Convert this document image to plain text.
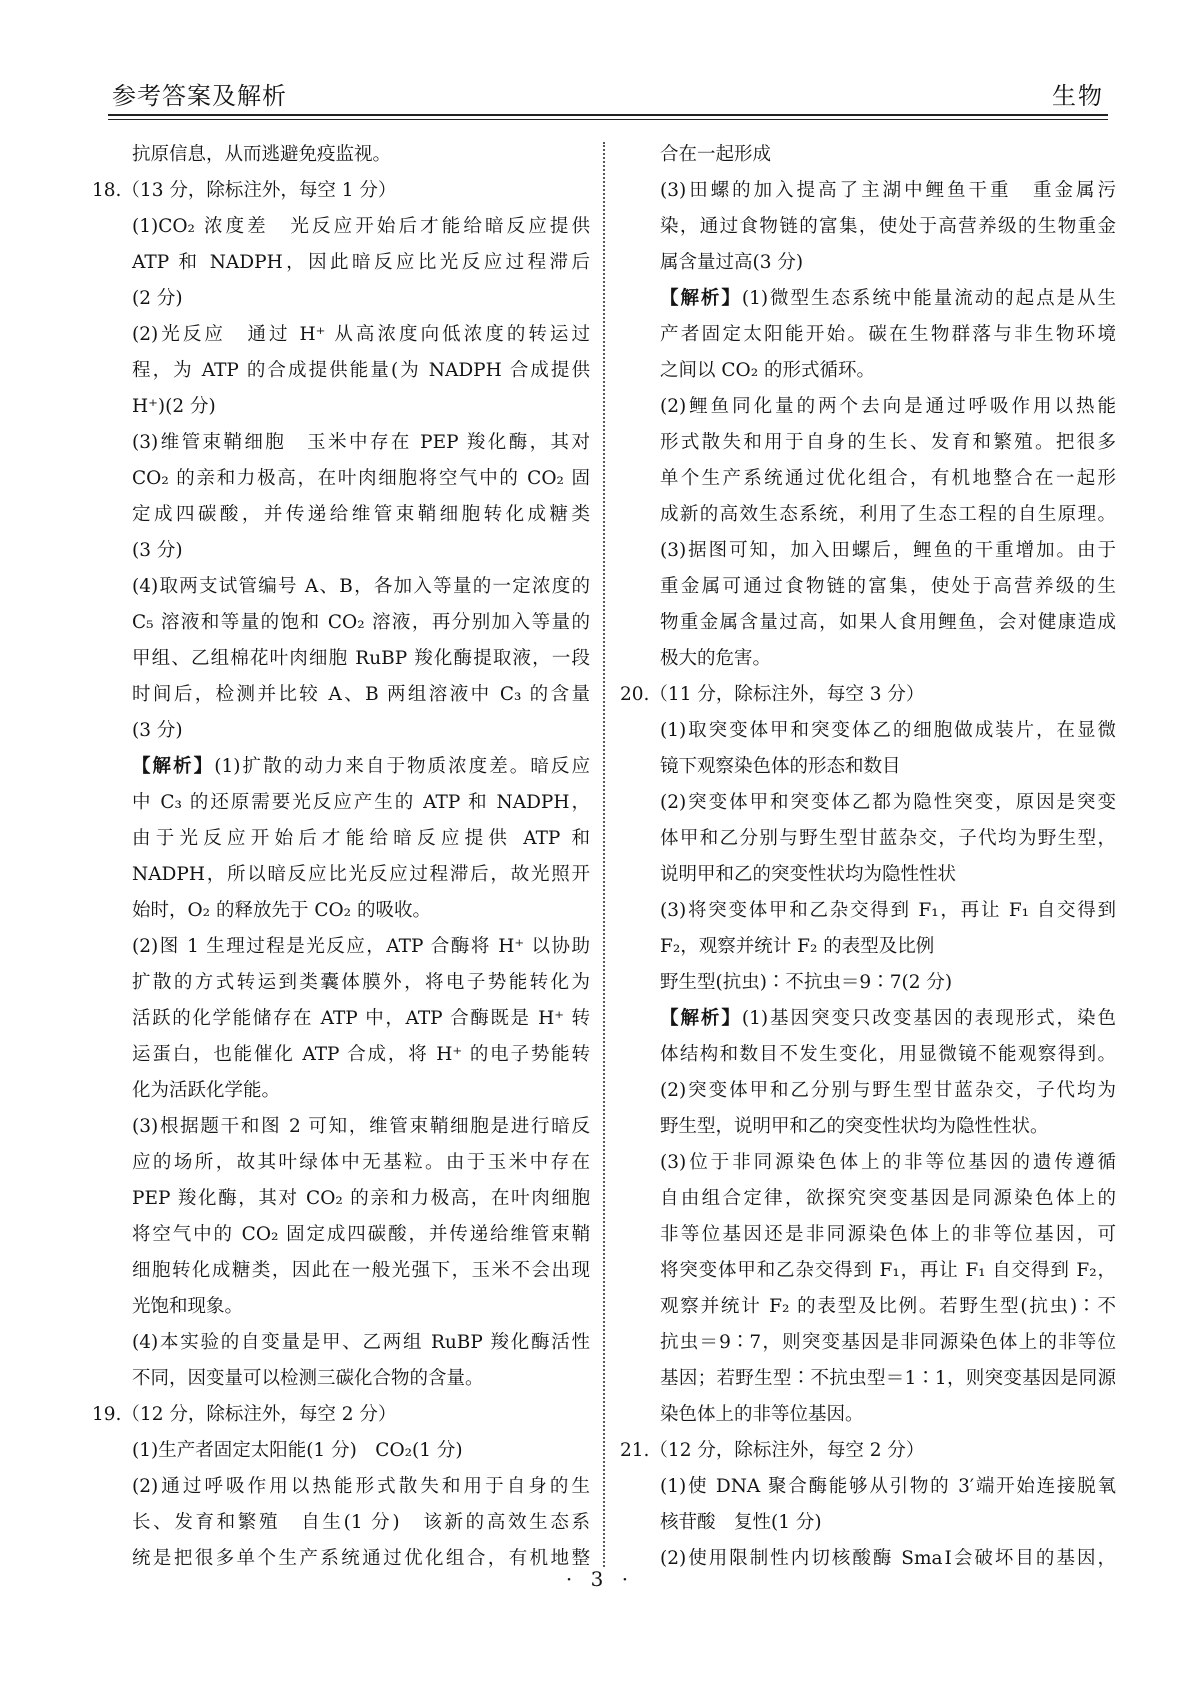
参考答案及解析	生物
抗原信息，从而逃避免疫监视。
18.（13 分，除标注外，每空 1 分）
(1)CO₂ 浓度差　光反应开始后才能给暗反应提供
ATP 和 NADPH，因此暗反应比光反应过程滞后
(2 分)
(2)光反应　通过 H⁺ 从高浓度向低浓度的转运过
程，为 ATP 的合成提供能量(为 NADPH 合成提供
H⁺)(2 分)
(3)维管束鞘细胞　玉米中存在 PEP 羧化酶，其对
CO₂ 的亲和力极高，在叶肉细胞将空气中的 CO₂ 固
定成四碳酸，并传递给维管束鞘细胞转化成糖类
(3 分)
(4)取两支试管编号 A、B，各加入等量的一定浓度的
C₅ 溶液和等量的饱和 CO₂ 溶液，再分别加入等量的
甲组、乙组棉花叶肉细胞 RuBP 羧化酶提取液，一段
时间后，检测并比较 A、B 两组溶液中 C₃ 的含量
(3 分)
【解析】(1)扩散的动力来自于物质浓度差。暗反应
中 C₃ 的还原需要光反应产生的 ATP 和 NADPH，
由于光反应开始后才能给暗反应提供 ATP 和
NADPH，所以暗反应比光反应过程滞后，故光照开
始时，O₂ 的释放先于 CO₂ 的吸收。
(2)图 1 生理过程是光反应，ATP 合酶将 H⁺ 以协助
扩散的方式转运到类囊体膜外，将电子势能转化为
活跃的化学能储存在 ATP 中，ATP 合酶既是 H⁺ 转
运蛋白，也能催化 ATP 合成，将 H⁺ 的电子势能转
化为活跃化学能。
(3)根据题干和图 2 可知，维管束鞘细胞是进行暗反
应的场所，故其叶绿体中无基粒。由于玉米中存在
PEP 羧化酶，其对 CO₂ 的亲和力极高，在叶肉细胞
将空气中的 CO₂ 固定成四碳酸，并传递给维管束鞘
细胞转化成糖类，因此在一般光强下，玉米不会出现
光饱和现象。
(4)本实验的自变量是甲、乙两组 RuBP 羧化酶活性
不同，因变量可以检测三碳化合物的含量。
19.（12 分，除标注外，每空 2 分）
(1)生产者固定太阳能(1 分)　CO₂(1 分)
(2)通过呼吸作用以热能形式散失和用于自身的生
长、发育和繁殖　自生(1 分)　该新的高效生态系
统是把很多单个生产系统通过优化组合，有机地整
合在一起形成
(3)田螺的加入提高了主湖中鲤鱼干重　重金属污
染，通过食物链的富集，使处于高营养级的生物重金
属含量过高(3 分)
【解析】(1)微型生态系统中能量流动的起点是从生
产者固定太阳能开始。碳在生物群落与非生物环境
之间以 CO₂ 的形式循环。
(2)鲤鱼同化量的两个去向是通过呼吸作用以热能
形式散失和用于自身的生长、发育和繁殖。把很多
单个生产系统通过优化组合，有机地整合在一起形
成新的高效生态系统，利用了生态工程的自生原理。
(3)据图可知，加入田螺后，鲤鱼的干重增加。由于
重金属可通过食物链的富集，使处于高营养级的生
物重金属含量过高，如果人食用鲤鱼，会对健康造成
极大的危害。
20.（11 分，除标注外，每空 3 分）
(1)取突变体甲和突变体乙的细胞做成装片，在显微
镜下观察染色体的形态和数目
(2)突变体甲和突变体乙都为隐性突变，原因是突变
体甲和乙分别与野生型甘蓝杂交，子代均为野生型，
说明甲和乙的突变性状均为隐性性状
(3)将突变体甲和乙杂交得到 F₁，再让 F₁ 自交得到
F₂，观察并统计 F₂ 的表型及比例
野生型(抗虫)∶不抗虫＝9∶7(2 分)
【解析】(1)基因突变只改变基因的表现形式，染色
体结构和数目不发生变化，用显微镜不能观察得到。
(2)突变体甲和乙分别与野生型甘蓝杂交，子代均为
野生型，说明甲和乙的突变性状均为隐性性状。
(3)位于非同源染色体上的非等位基因的遗传遵循
自由组合定律，欲探究突变基因是同源染色体上的
非等位基因还是非同源染色体上的非等位基因，可
将突变体甲和乙杂交得到 F₁，再让 F₁ 自交得到 F₂，
观察并统计 F₂ 的表型及比例。若野生型(抗虫)∶不
抗虫＝9∶7，则突变基因是非同源染色体上的非等位
基因；若野生型∶不抗虫型＝1∶1，则突变基因是同源
染色体上的非等位基因。
21.（12 分，除标注外，每空 2 分）
(1)使 DNA 聚合酶能够从引物的 3′端开始连接脱氧
核苷酸　复性(1 分)
(2)使用限制性内切核酸酶 SmaⅠ会破坏目的基因，
· 3 ·
